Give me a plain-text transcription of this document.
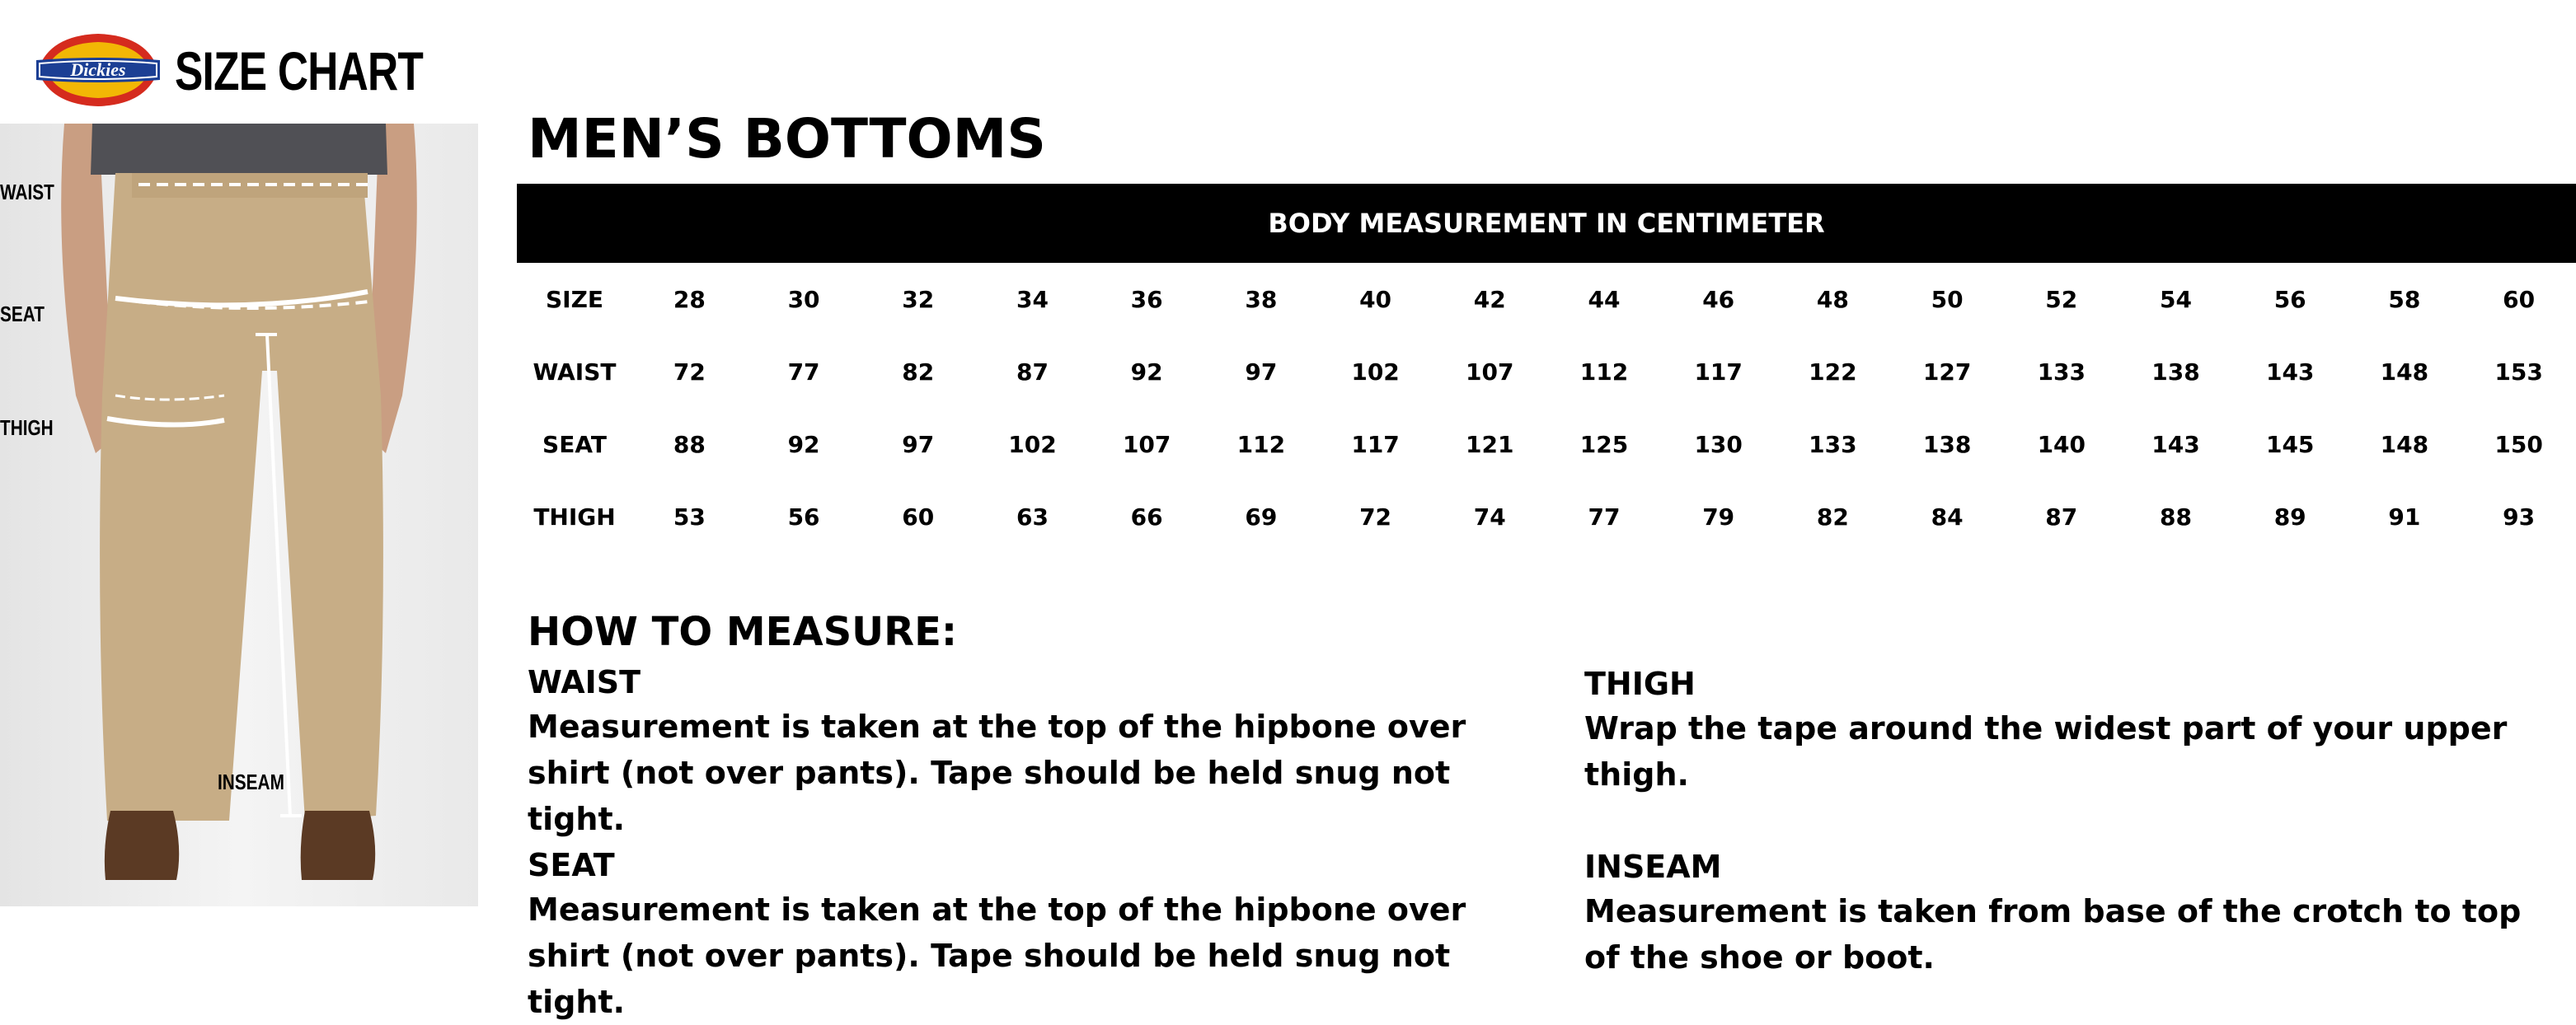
Dickies SIZE CHART
WAIST
SEAT
THIGH
INSEAM
MEN’S BOTTOMS
BODY MEASUREMENT IN CENTIMETER
SIZE	28	30	32	34	36	38	40	42	44	46	48	50	52	54	56	58	60
WAIST	72	77	82	87	92	97	102	107	112	117	122	127	133	138	143	148	153
SEAT	88	92	97	102	107	112	117	121	125	130	133	138	140	143	145	148	150
THIGH	53	56	60	63	66	69	72	74	77	79	82	84	87	88	89	91	93
HOW TO MEASURE:
WAIST

Measurement is taken at the top of the hipbone over shirt (not over pants). Tape should be held snug not tight.

SEAT

Measurement is taken at the top of the hipbone over shirt (not over pants). Tape should be held snug not tight.

THIGH

Wrap the tape around the widest part of your upper thigh.

INSEAM

Measurement is taken from base of the crotch to top of the shoe or boot.
